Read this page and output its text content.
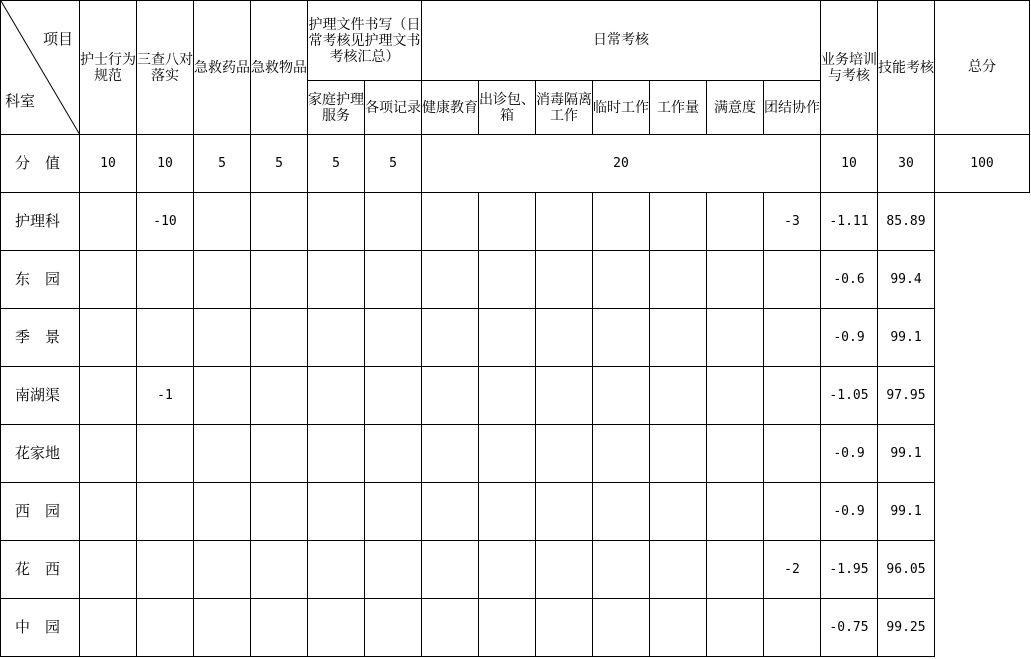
项目
科室	护士行为规范	三查八对落实	急救药品	急救物品	护理文件书写（日常考核见护理文书考核汇总）		日常考核							业务培训与考核	技能考核	总分
					家庭护理服务	各项记录	健康教育	出诊包、箱	消毒隔离工作	临时工作	工作量	满意度	团结协作			
分　值	10	10	5	5	5	5	20							10	30	100
护理科		-10											-3	-1.11	85.89	
东　园														-0.6	99.4	
季　景														-0.9	99.1	
南湖渠		-1												-1.05	97.95	
花家地														-0.9	99.1	
西　园														-0.9	99.1	
花　西													-2	-1.95	96.05	
中　园														-0.75	99.25	
